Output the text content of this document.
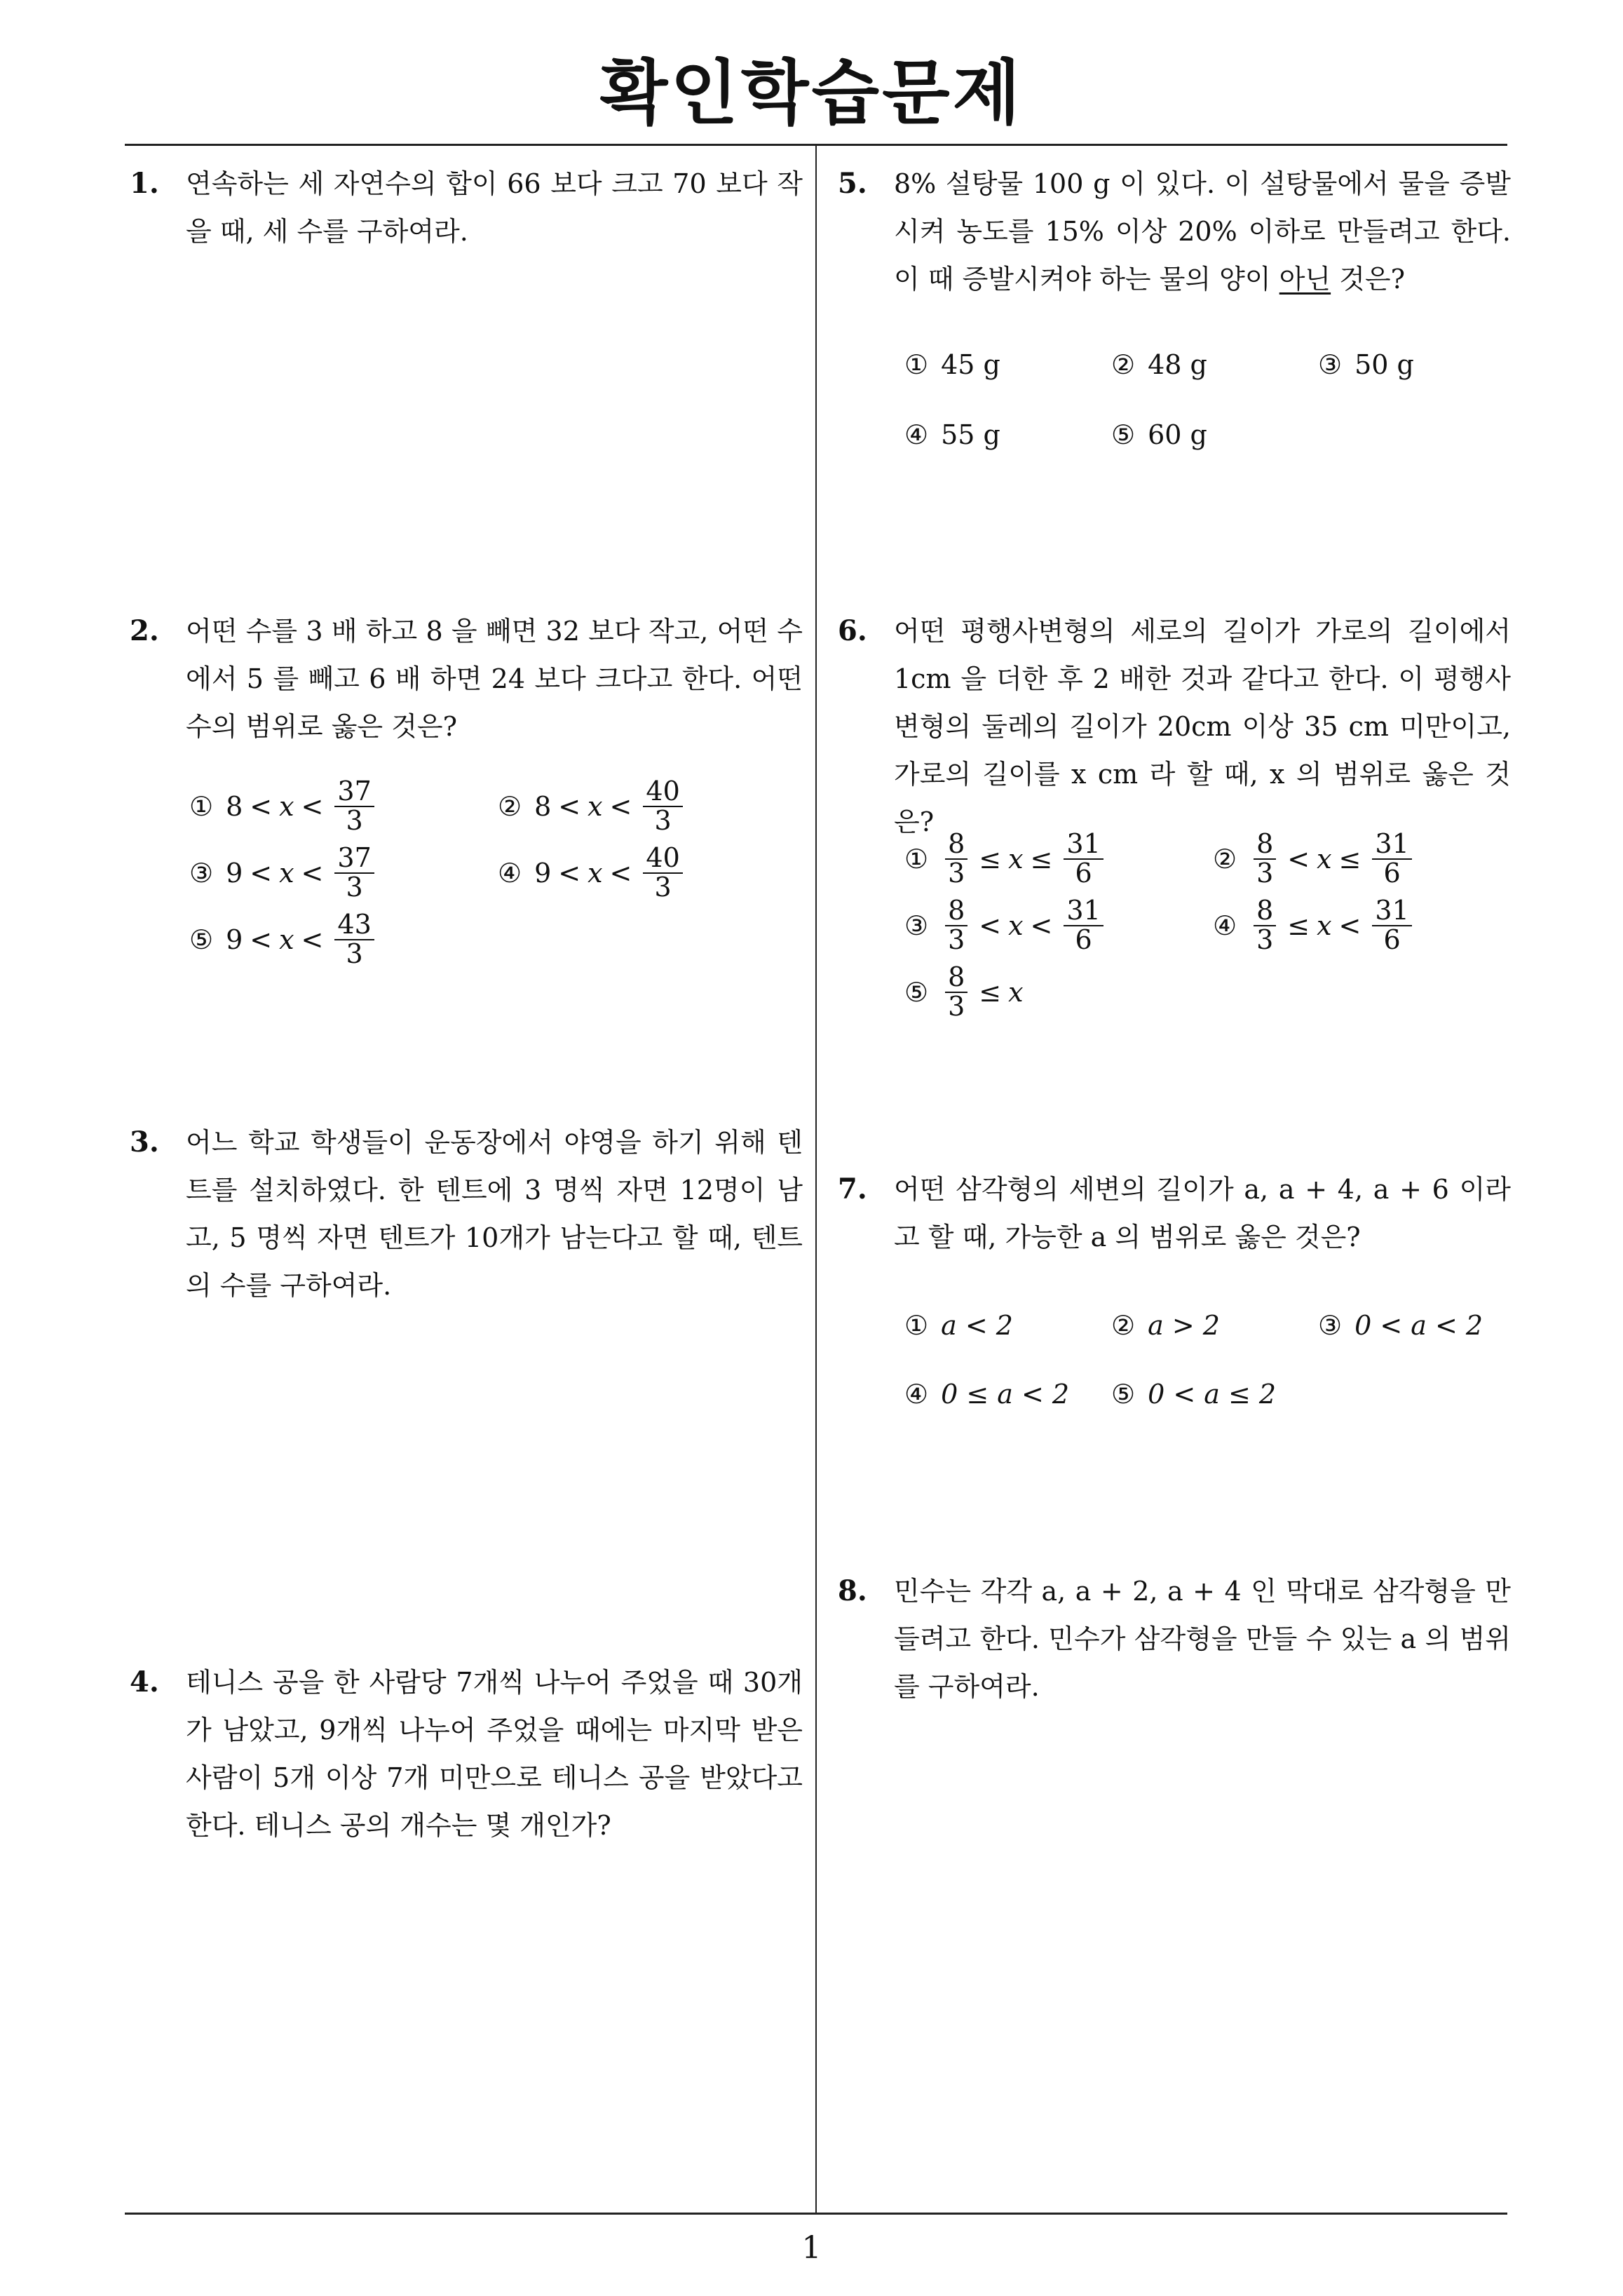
확인학습문제
1. 연속하는 세 자연수의 합이 66 보다 크고 70 보다 작을 때, 세 수를 구하여라.
2. 어떤 수를 3 배 하고 8 을 빼면 32 보다 작고, 어떤 수에서 5 를 빼고 6 배 하면 24 보다 크다고 한다. 어떤 수의 범위로 옳은 것은?
① $8 < x < \frac{37}{3}$	② $8 < x < \frac{40}{3}$
③ $9 < x < \frac{37}{3}$	④ $9 < x < \frac{40}{3}$
⑤ $9 < x < \frac{43}{3}$
3. 어느 학교 학생들이 운동장에서 야영을 하기 위해 텐트를 설치하였다. 한 텐트에 3 명씩 자면 12명이 남고, 5 명씩 자면 텐트가 10개가 남는다고 할 때, 텐트의 수를 구하여라.
4. 테니스 공을 한 사람당 7개씩 나누어 주었을 때 30개가 남았고, 9개씩 나누어 주었을 때에는 마지막 받은 사람이 5개 이상 7개 미만으로 테니스 공을 받았다고 한다. 테니스 공의 개수는 몇 개인가?
5. 8% 설탕물 100 g 이 있다. 이 설탕물에서 물을 증발시켜 농도를 15% 이상 20% 이하로 만들려고 한다. 이 때 증발시켜야 하는 물의 양이 아닌 것은?
① 45 g	② 48 g	③ 50 g
④ 55 g	⑤ 60 g
6. 어떤 평행사변형의 세로의 길이가 가로의 길이에서 1cm 을 더한 후 2 배한 것과 같다고 한다. 이 평행사변형의 둘레의 길이가 20cm 이상 35 cm 미만이고, 가로의 길이를 x cm 라 할 때, x 의 범위로 옳은 것은?
① $\frac{8}{3} \le x \le \frac{31}{6}$	② $\frac{8}{3} < x \le \frac{31}{6}$
③ $\frac{8}{3} < x < \frac{31}{6}$	④ $\frac{8}{3} \le x < \frac{31}{6}$
⑤ $\frac{8}{3} \le x$
7. 어떤 삼각형의 세변의 길이가 a, a + 4, a + 6 이라고 할 때, 가능한 a 의 범위로 옳은 것은?
① a < 2	② a > 2	③ 0 < a < 2
④ 0 ≤ a < 2 ⑤ 0 < a ≤ 2
8. 민수는 각각 a, a + 2, a + 4 인 막대로 삼각형을 만들려고 한다. 민수가 삼각형을 만들 수 있는 a 의 범위를 구하여라.
1
